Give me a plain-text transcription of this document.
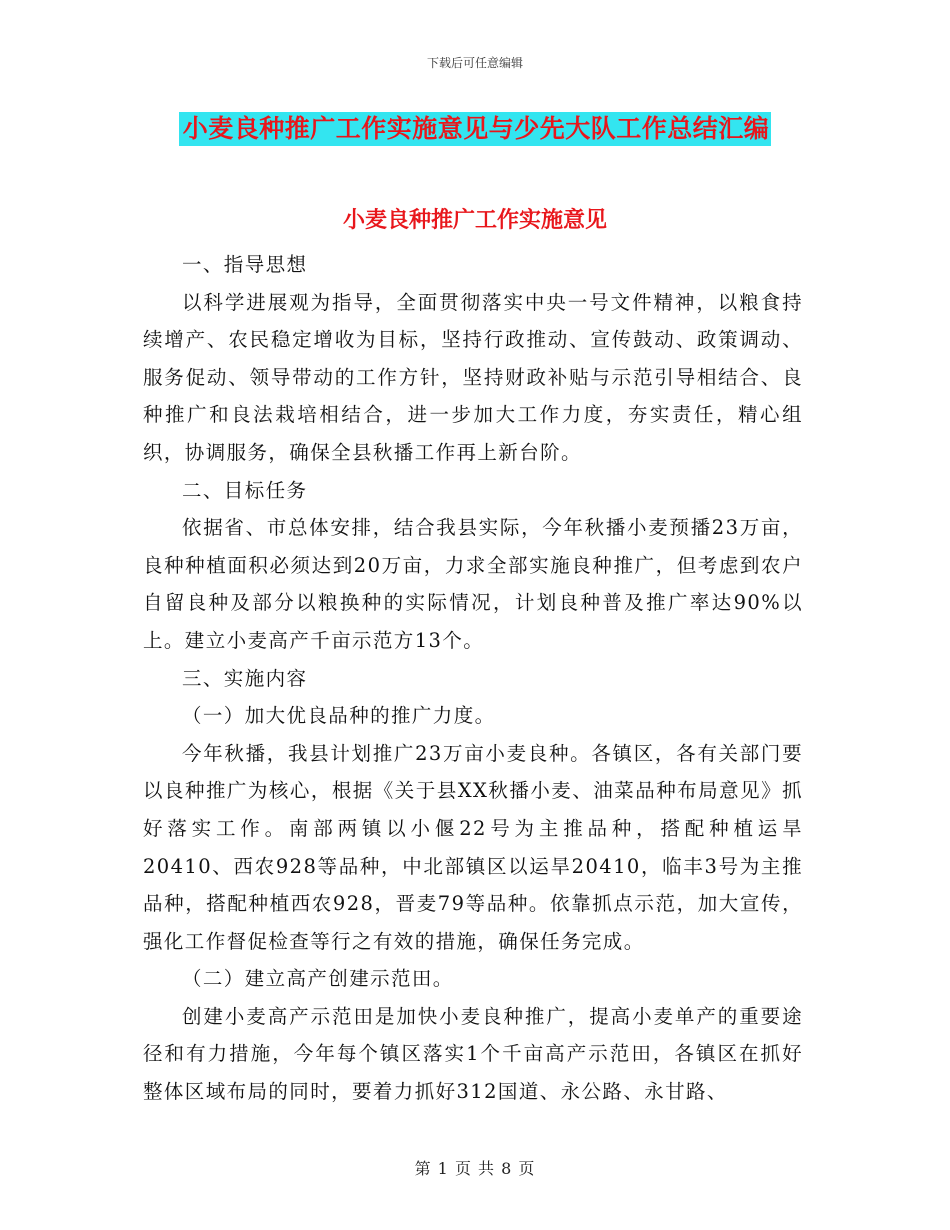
下载后可任意编辑
小麦良种推广工作实施意见与少先大队工作总结汇编
小麦良种推广工作实施意见

一、指导思想

以科学进展观为指导，全面贯彻落实中央一号文件精神，以粮食持续增产、农民稳定增收为目标，坚持行政推动、宣传鼓动、政策调动、服务促动、领导带动的工作方针，坚持财政补贴与示范引导相结合、良种推广和良法栽培相结合，进一步加大工作力度，夯实责任，精心组织，协调服务，确保全县秋播工作再上新台阶。

二、目标任务

依据省、市总体安排，结合我县实际，今年秋播小麦预播23万亩，良种种植面积必须达到20万亩，力求全部实施良种推广，但考虑到农户自留良种及部分以粮换种的实际情况，计划良种普及推广率达90%以上。建立小麦高产千亩示范方13个。

三、实施内容

（一）加大优良品种的推广力度。

今年秋播，我县计划推广23万亩小麦良种。各镇区，各有关部门要以良种推广为核心，根据《关于县XX秋播小麦、油菜品种布局意见》抓好落实工作。南部两镇以小偃22号为主推品种，搭配种植运旱20410、西农928等品种，中北部镇区以运旱20410，临丰3号为主推品种，搭配种植西农928，晋麦79等品种。依靠抓点示范，加大宣传，强化工作督促检查等行之有效的措施，确保任务完成。

（二）建立高产创建示范田。

创建小麦高产示范田是加快小麦良种推广，提高小麦单产的重要途径和有力措施，今年每个镇区落实1个千亩高产示范田，各镇区在抓好整体区域布局的同时，要着力抓好312国道、永公路、永甘路、

第 1 页 共 8 页
